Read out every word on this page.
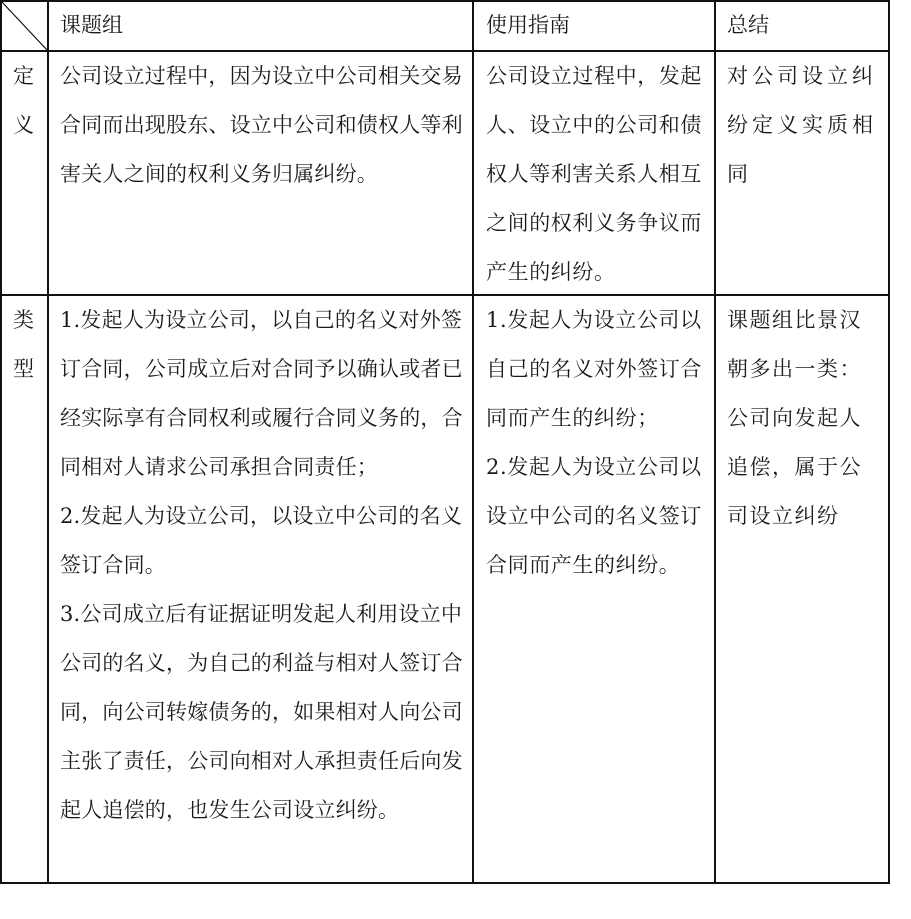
课题组	使用指南	总结
定义

公司设立过程中，因为设立中公司相关交易合同而出现股东、设立中公司和债权人等利害关人之间的权利义务归属纠纷。

公司设立过程中，发起人、设立中的公司和债权人等利害关系人相互之间的权利义务争议而产生的纠纷。

对公司设立纠纷定义实质相同

类型

1.发起人为设立公司，以自己的名义对外签订合同，公司成立后对合同予以确认或者已经实际享有合同权利或履行合同义务的，合同相对人请求公司承担合同责任；

2.发起人为设立公司，以设立中公司的名义签订合同。

3.公司成立后有证据证明发起人利用设立中公司的名义，为自己的利益与相对人签订合同，向公司转嫁债务的，如果相对人向公司主张了责任，公司向相对人承担责任后向发起人追偿的，也发生公司设立纠纷。

1.发起人为设立公司以自己的名义对外签订合同而产生的纠纷；

2.发起人为设立公司以设立中公司的名义签订合同而产生的纠纷。

课题组比景汉朝多出一类：公司向发起人追偿，属于公司设立纠纷
